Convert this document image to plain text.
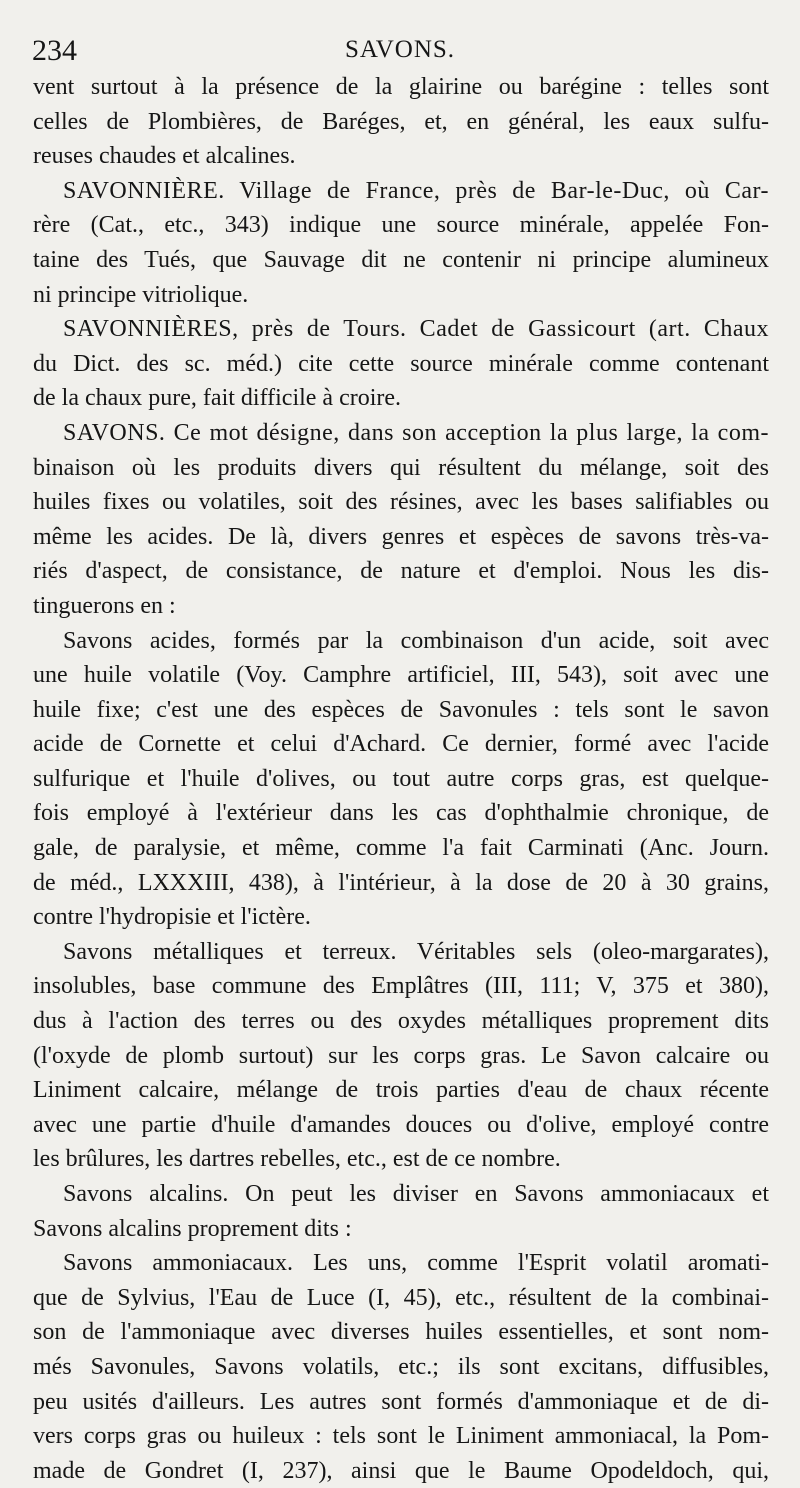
234	SAVONS.
vent surtout à la présence de la glairine ou barégine : telles sont
celles de Plombières, de Baréges, et, en général, les eaux sulfu-
reuses chaudes et alcalines.
SAVONNIÈRE. Village de France, près de Bar-le-Duc, où Car-
rère (Cat., etc., 343) indique une source minérale, appelée Fon-
taine des Tués, que Sauvage dit ne contenir ni principe alumineux
ni principe vitriolique.
SAVONNIÈRES, près de Tours. Cadet de Gassicourt (art. Chaux
du Dict. des sc. méd.) cite cette source minérale comme contenant
de la chaux pure, fait difficile à croire.
SAVONS. Ce mot désigne, dans son acception la plus large, la com-
binaison où les produits divers qui résultent du mélange, soit des
huiles fixes ou volatiles, soit des résines, avec les bases salifiables ou
même les acides. De là, divers genres et espèces de savons très-va-
riés d'aspect, de consistance, de nature et d'emploi. Nous les dis-
tinguerons en :
Savons acides, formés par la combinaison d'un acide, soit avec
une huile volatile (Voy. Camphre artificiel, III, 543), soit avec une
huile fixe; c'est une des espèces de Savonules : tels sont le savon
acide de Cornette et celui d'Achard. Ce dernier, formé avec l'acide
sulfurique et l'huile d'olives, ou tout autre corps gras, est quelque-
fois employé à l'extérieur dans les cas d'ophthalmie chronique, de
gale, de paralysie, et même, comme l'a fait Carminati (Anc. Journ.
de méd., LXXXIII, 438), à l'intérieur, à la dose de 20 à 30 grains,
contre l'hydropisie et l'ictère.
Savons métalliques et terreux. Véritables sels (oleo-margarates),
insolubles, base commune des Emplâtres (III, 111; V, 375 et 380),
dus à l'action des terres ou des oxydes métalliques proprement dits
(l'oxyde de plomb surtout) sur les corps gras. Le Savon calcaire ou
Liniment calcaire, mélange de trois parties d'eau de chaux récente
avec une partie d'huile d'amandes douces ou d'olive, employé contre
les brûlures, les dartres rebelles, etc., est de ce nombre.
Savons alcalins. On peut les diviser en Savons ammoniacaux et
Savons alcalins proprement dits :
Savons ammoniacaux. Les uns, comme l'Esprit volatil aromati-
que de Sylvius, l'Eau de Luce (I, 45), etc., résultent de la combinai-
son de l'ammoniaque avec diverses huiles essentielles, et sont nom-
més Savonules, Savons volatils, etc.; ils sont excitans, diffusibles,
peu usités d'ailleurs. Les autres sont formés d'ammoniaque et de di-
vers corps gras ou huileux : tels sont le Liniment ammoniacal, la Pom-
made de Gondret (I, 237), ainsi que le Baume Opodeldoch, qui,
